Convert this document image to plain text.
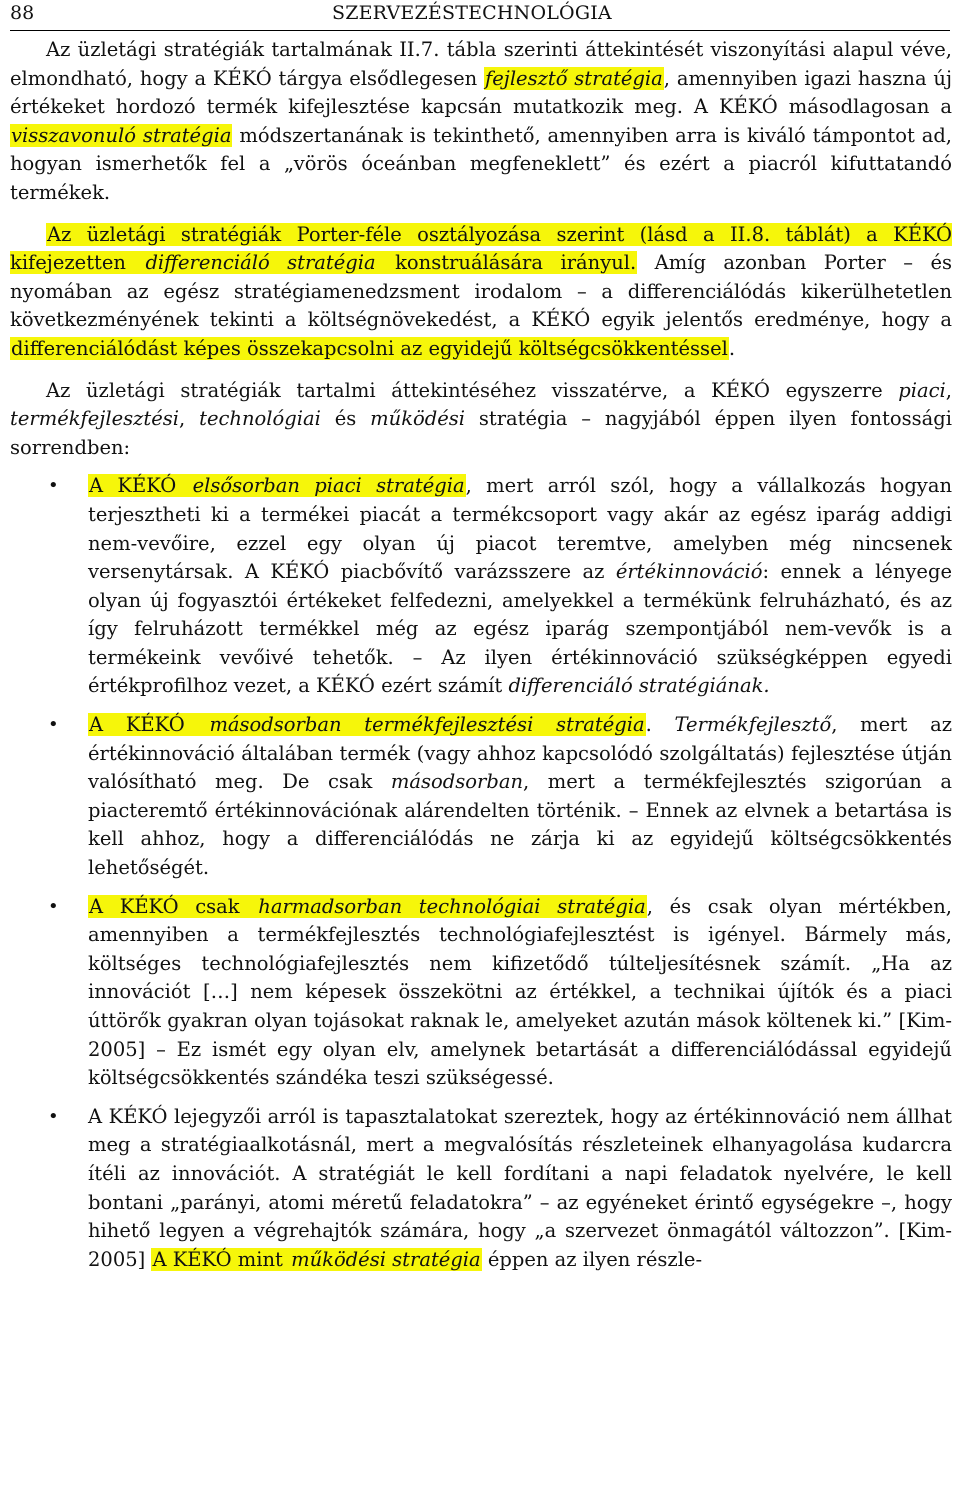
88	SZERVEZÉSTECHNOLÓGIA

Az üzletági stratégiák tartalmának II.7. tábla szerinti áttekintését viszonyítási alapul véve, elmondható, hogy a KÉKÓ tárgya elsődlegesen fejlesztő stratégia, amennyiben igazi haszna új értékeket hordozó termék kifejlesztése kapcsán mutatkozik meg. A KÉKÓ másodlagosan a visszavonuló stratégia módszertanának is tekinthető, amennyiben arra is kiváló támpontot ad, hogyan ismerhetők fel a „vörös óceánban megfeneklett” és ezért a piacról kifuttatandó termékek.

Az üzletági stratégiák Porter-féle osztályozása szerint (lásd a II.8. táblát) a KÉKÓ kifejezetten differenciáló stratégia konstruálására irányul. Amíg azonban Porter – és nyomában az egész stratégiamenedzsment irodalom – a differenciálódás kikerülhetetlen következményének tekinti a költségnövekedést, a KÉKÓ egyik jelentős eredménye, hogy a differenciálódást képes összekapcsolni az egyidejű költségcsökkentéssel.

Az üzletági stratégiák tartalmi áttekintéséhez visszatérve, a KÉKÓ egyszerre piaci, termékfejlesztési, technológiai és működési stratégia – nagyjából éppen ilyen fontossági sorrendben:

• A KÉKÓ elsősorban piaci stratégia, mert arról szól, hogy a vállalkozás hogyan terjesztheti ki a termékei piacát a termékcsoport vagy akár az egész iparág addigi nem-vevőire, ezzel egy olyan új piacot teremtve, amelyben még nincsenek versenytársak. A KÉKÓ piacbővítő varázsszere az értékinnováció: ennek a lényege olyan új fogyasztói értékeket felfedezni, amelyekkel a termékünk felruházható, és az így felruházott termékkel még az egész iparág szempontjából nem-vevők is a termékeink vevőivé tehetők. – Az ilyen értékinnováció szükségképpen egyedi értékprofilhoz vezet, a KÉKÓ ezért számít differenciáló stratégiának.
• A KÉKÓ másodsorban termékfejlesztési stratégia. Termékfejlesztő, mert az értékinnováció általában termék (vagy ahhoz kapcsolódó szolgáltatás) fejlesztése útján valósítható meg. De csak másodsorban, mert a termékfejlesztés szigorúan a piacteremtő értékinnovációnak alárendelten történik. – Ennek az elvnek a betartása is kell ahhoz, hogy a differenciálódás ne zárja ki az egyidejű költségcsökkentés lehetőségét.
• A KÉKÓ csak harmadsorban technológiai stratégia, és csak olyan mértékben, amennyiben a termékfejlesztés technológiafejlesztést is igényel. Bármely más, költséges technológiafejlesztés nem kifizetődő túlteljesítésnek számít. „Ha az innovációt […] nem képesek összekötni az értékkel, a technikai újítók és a piaci úttörők gyakran olyan tojásokat raknak le, amelyeket azután mások költenek ki.” [Kim-2005] – Ez ismét egy olyan elv, amelynek betartását a differenciálódással egyidejű költségcsökkentés szándéka teszi szükségessé.
• A KÉKÓ lejegyzői arról is tapasztalatokat szereztek, hogy az értékinnováció nem állhat meg a stratégiaalkotásnál, mert a megvalósítás részleteinek elhanyagolása kudarcra ítéli az innovációt. A stratégiát le kell fordítani a napi feladatok nyelvére, le kell bontani „parányi, atomi méretű feladatokra” – az egyéneket érintő egységekre –, hogy hihető legyen a végrehajtók számára, hogy „a szervezet önmagától változzon”. [Kim-2005] A KÉKÓ mint működési stratégia éppen az ilyen részle-
